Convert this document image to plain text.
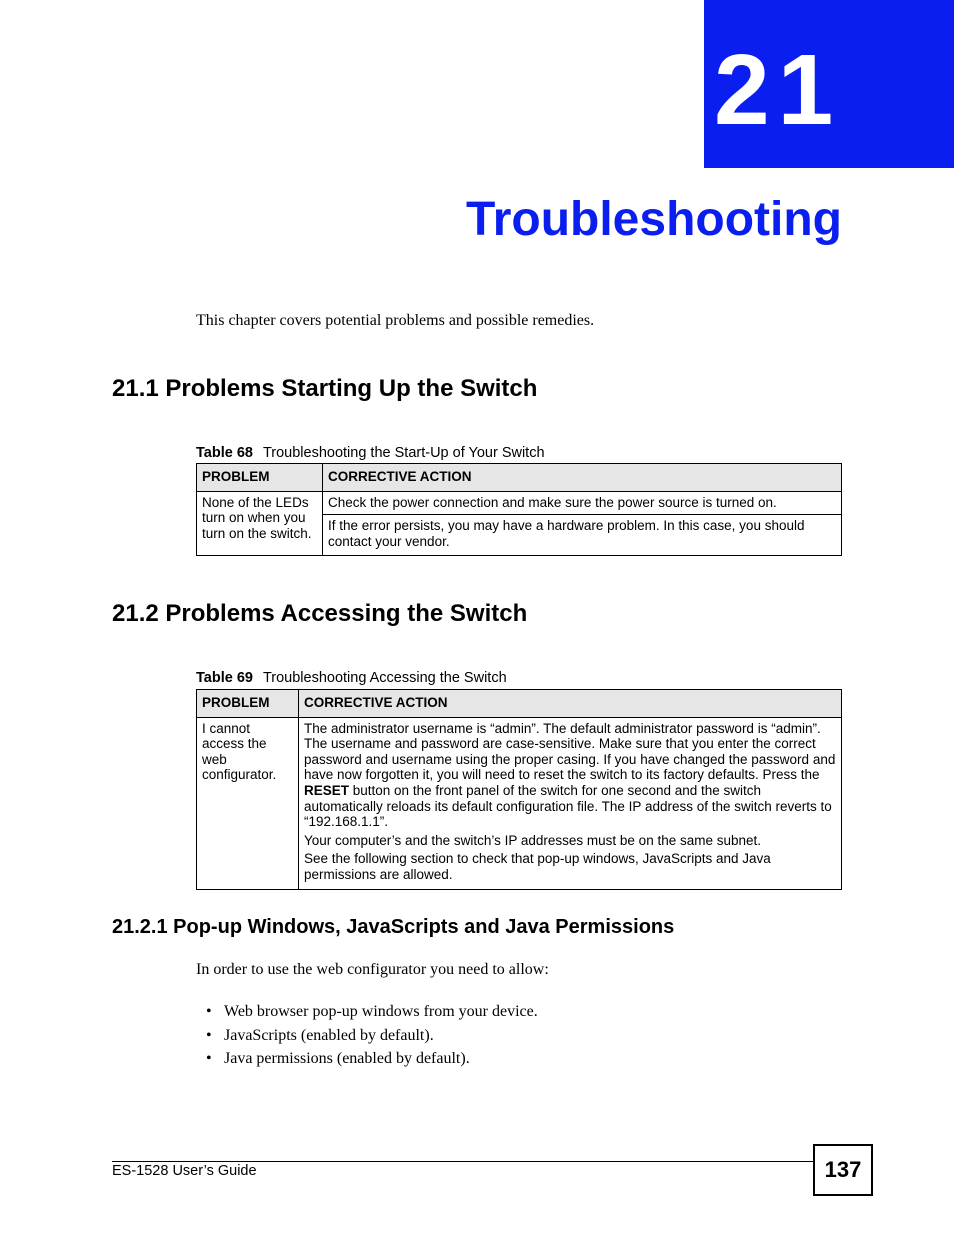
21
Troubleshooting
This chapter covers potential problems and possible remedies.
21.1 Problems Starting Up the Switch
Table 68 Troubleshooting the Start-Up of Your Switch
PROBLEM	CORRECTIVE ACTION
None of the LEDs turn on when you turn on the switch.	Check the power connection and make sure the power source is turned on.
	If the error persists, you may have a hardware problem. In this case, you should contact your vendor.
21.2 Problems Accessing the Switch
Table 69 Troubleshooting Accessing the Switch
PROBLEM	CORRECTIVE ACTION
I cannot access the web configurator.	The administrator username is “admin”. The default administrator password is “admin”. The username and password are case-sensitive. Make sure that you enter the correct password and username using the proper casing. If you have changed the password and have now forgotten it, you will need to reset the switch to its factory defaults. Press the RESET button on the front panel of the switch for one second and the switch automatically reloads its default configuration file. The IP address of the switch reverts to “192.168.1.1”.

Your computer’s and the switch’s IP addresses must be on the same subnet.

See the following section to check that pop-up windows, JavaScripts and Java permissions are allowed.

21.2.1 Pop-up Windows, JavaScripts and Java Permissions
In order to use the web configurator you need to allow:
• Web browser pop-up windows from your device.
• JavaScripts (enabled by default).
• Java permissions (enabled by default).
ES-1528 User’s Guide	137
